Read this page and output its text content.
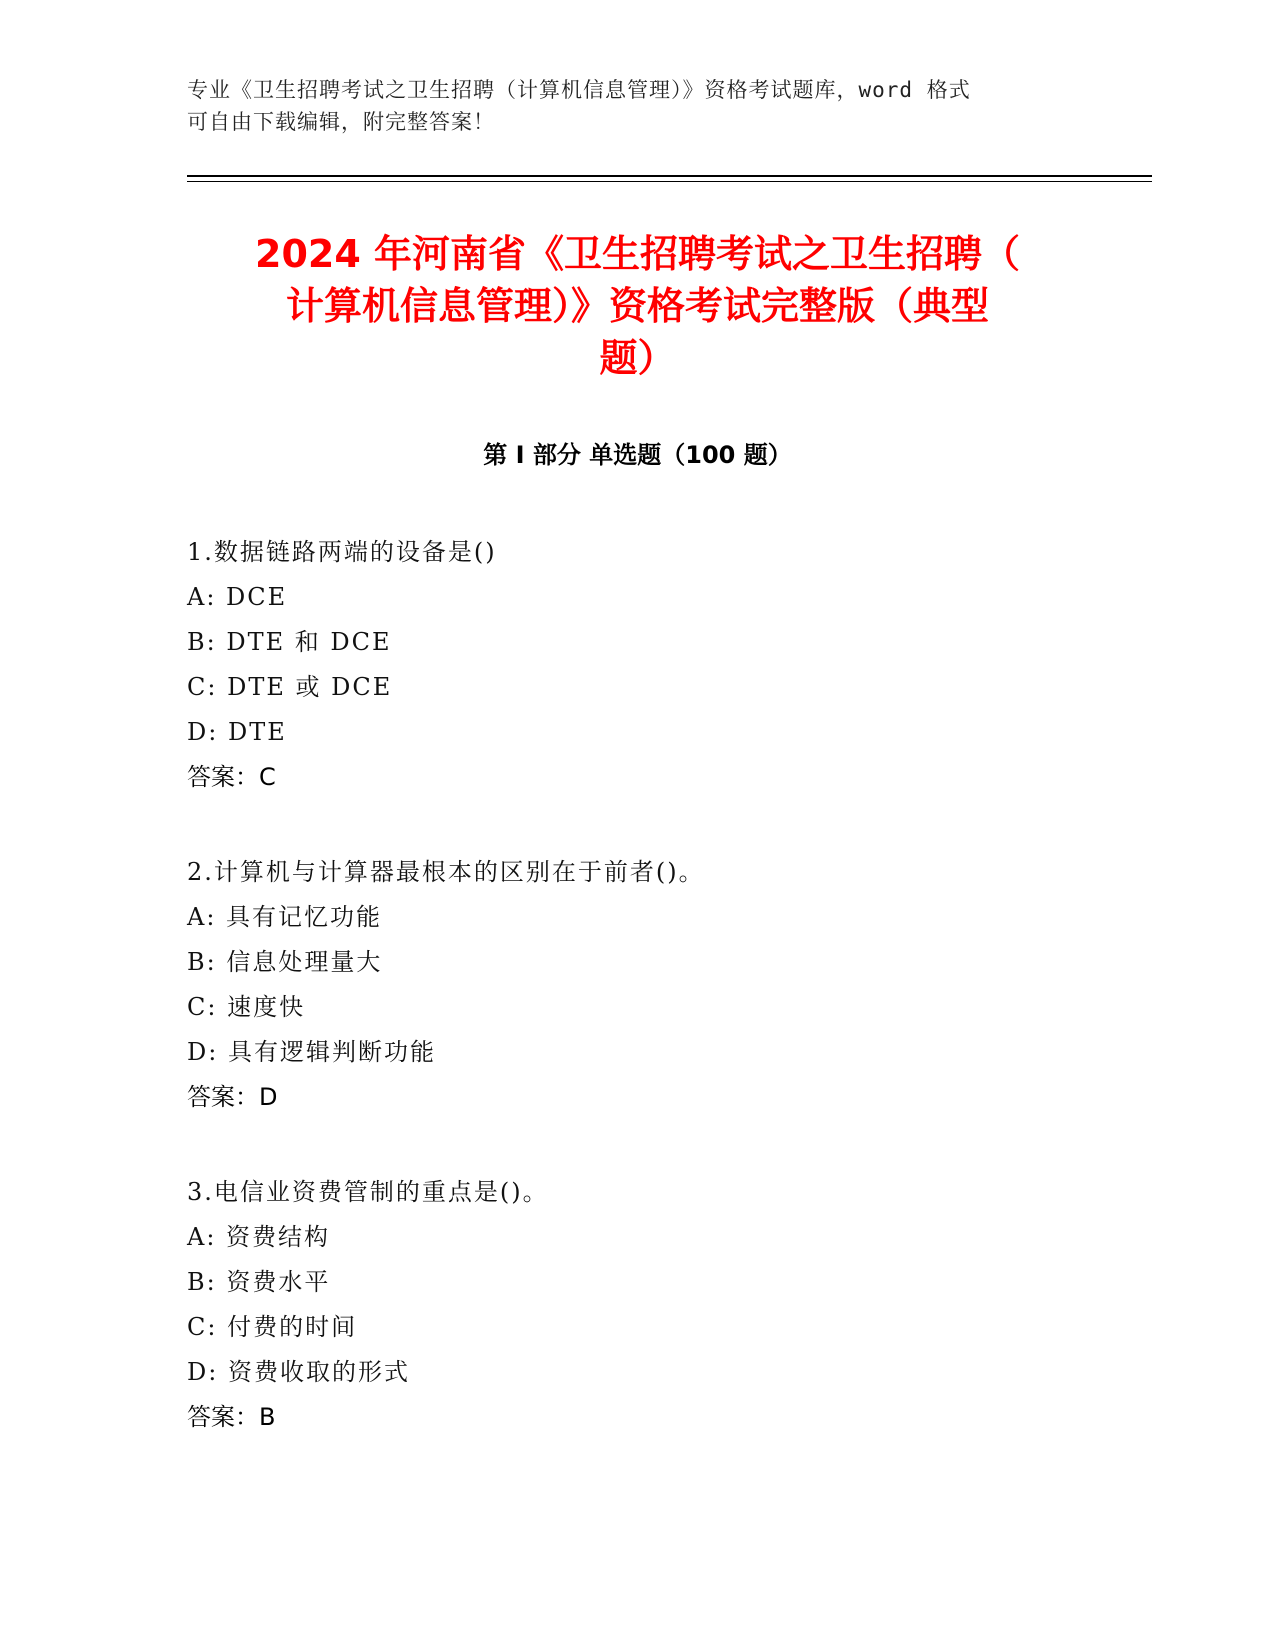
专业《卫生招聘考试之卫生招聘（计算机信息管理）》资格考试题库，word 格式
可自由下载编辑，附完整答案！
2024 年河南省《卫生招聘考试之卫生招聘（
计算机信息管理）》资格考试完整版（典型
题）
第 I 部分 单选题（100 题）
1.数据链路两端的设备是()
A: DCE
B: DTE 和 DCE
C: DTE 或 DCE
D: DTE
答案：C
2.计算机与计算器最根本的区别在于前者()。
A: 具有记忆功能
B: 信息处理量大
C: 速度快
D: 具有逻辑判断功能
答案：D
3.电信业资费管制的重点是()。
A: 资费结构
B: 资费水平
C: 付费的时间
D: 资费收取的形式
答案：B
